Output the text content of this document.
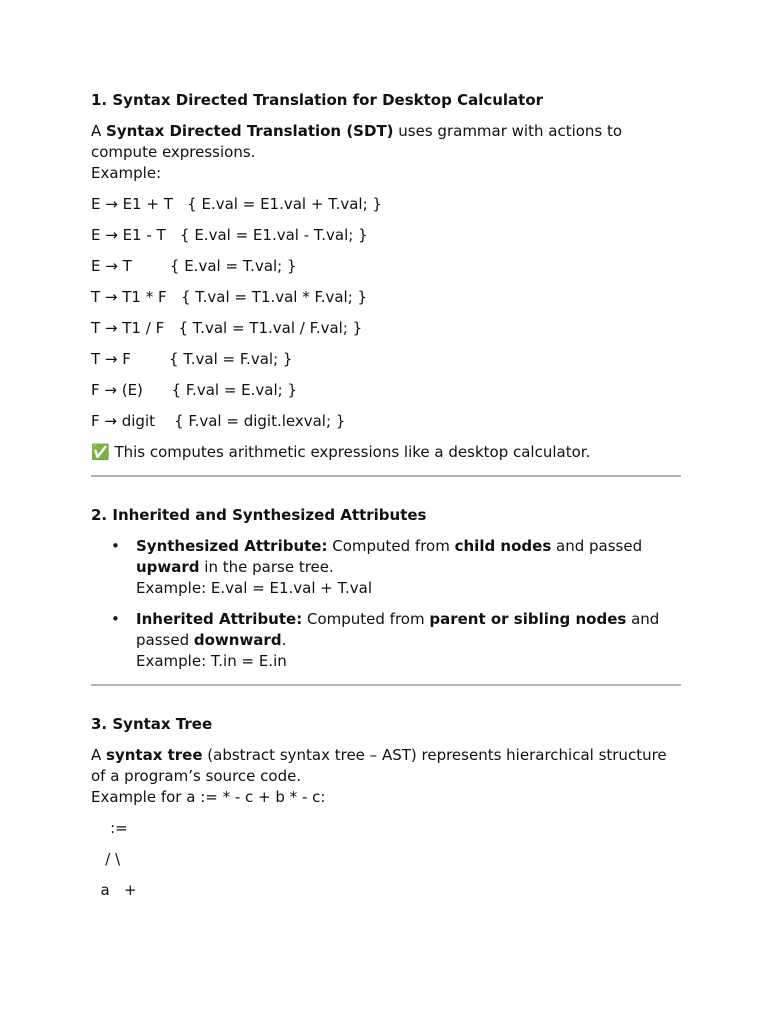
1. Syntax Directed Translation for Desktop Calculator

A Syntax Directed Translation (SDT) uses grammar with actions to compute expressions.

Example:

E → E1 + T   { E.val = E1.val + T.val; }

E → E1 - T   { E.val = E1.val - T.val; }

E → T        { E.val = T.val; }

T → T1 * F   { T.val = T1.val * F.val; }

T → T1 / F   { T.val = T1.val / F.val; }

T → F        { T.val = F.val; }

F → (E)      { F.val = E.val; }

F → digit    { F.val = digit.lexval; }

✅ This computes arithmetic expressions like a desktop calculator.

2. Inherited and Synthesized Attributes

• Synthesized Attribute: Computed from child nodes and passed upward in the parse tree.
Example: E.val = E1.val + T.val
• Inherited Attribute: Computed from parent or sibling nodes and passed downward.
Example: T.in = E.in

3. Syntax Tree

A syntax tree (abstract syntax tree – AST) represents hierarchical structure of a program’s source code.

Example for a := * - c + b * - c:

:=

/ \

a   +
